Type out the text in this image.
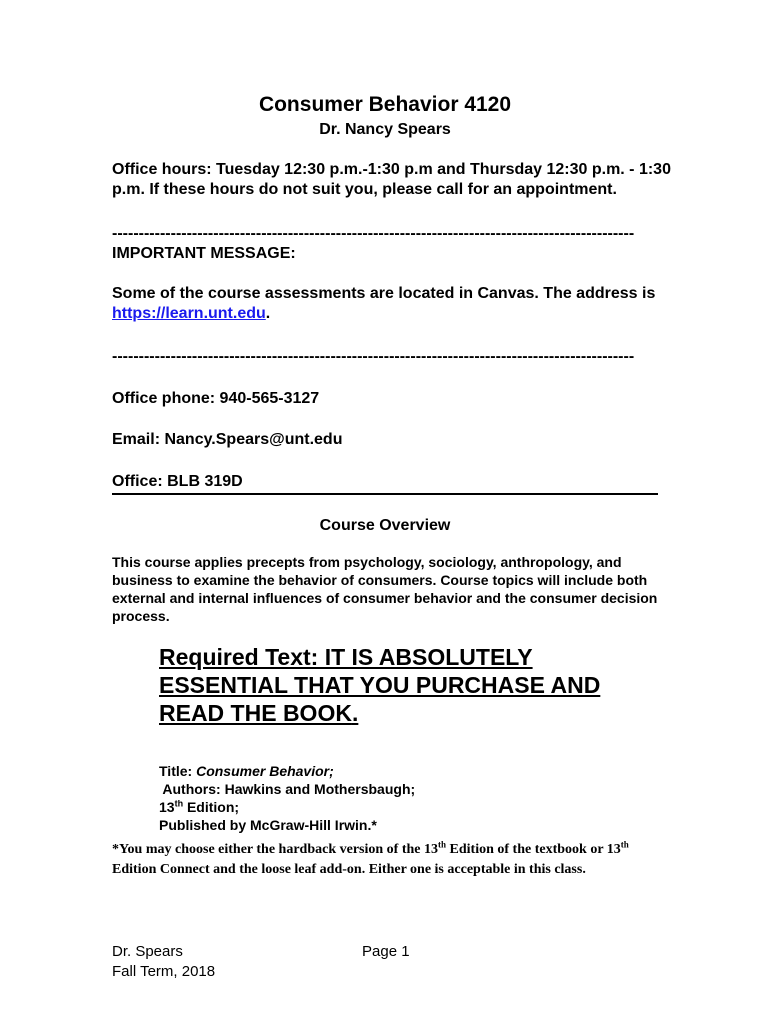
Consumer Behavior 4120
Dr. Nancy Spears
Office hours: Tuesday 12:30 p.m.-1:30 p.m and Thursday 12:30 p.m. - 1:30 p.m. If these hours do not suit you, please call for an appointment.
--------------------------------------------------------------------------------------------------
IMPORTANT MESSAGE:
Some of the course assessments are located in Canvas. The address is https://learn.unt.edu.
--------------------------------------------------------------------------------------------------
Office phone: 940-565-3127
Email: Nancy.Spears@unt.edu
Office: BLB 319D
Course Overview
This course applies precepts from psychology, sociology, anthropology, and business to examine the behavior of consumers. Course topics will include both external and internal influences of consumer behavior and the consumer decision process.
Required Text: IT IS ABSOLUTELY ESSENTIAL THAT YOU PURCHASE AND READ THE BOOK.
Title: Consumer Behavior;
Authors: Hawkins and Mothersbaugh;
13th Edition;
Published by McGraw-Hill Irwin.*
*You may choose either the hardback version of the 13th Edition of the textbook or 13th Edition Connect and the loose leaf add-on. Either one is acceptable in this class.
Dr. Spears
Fall Term, 2018
Page 1
